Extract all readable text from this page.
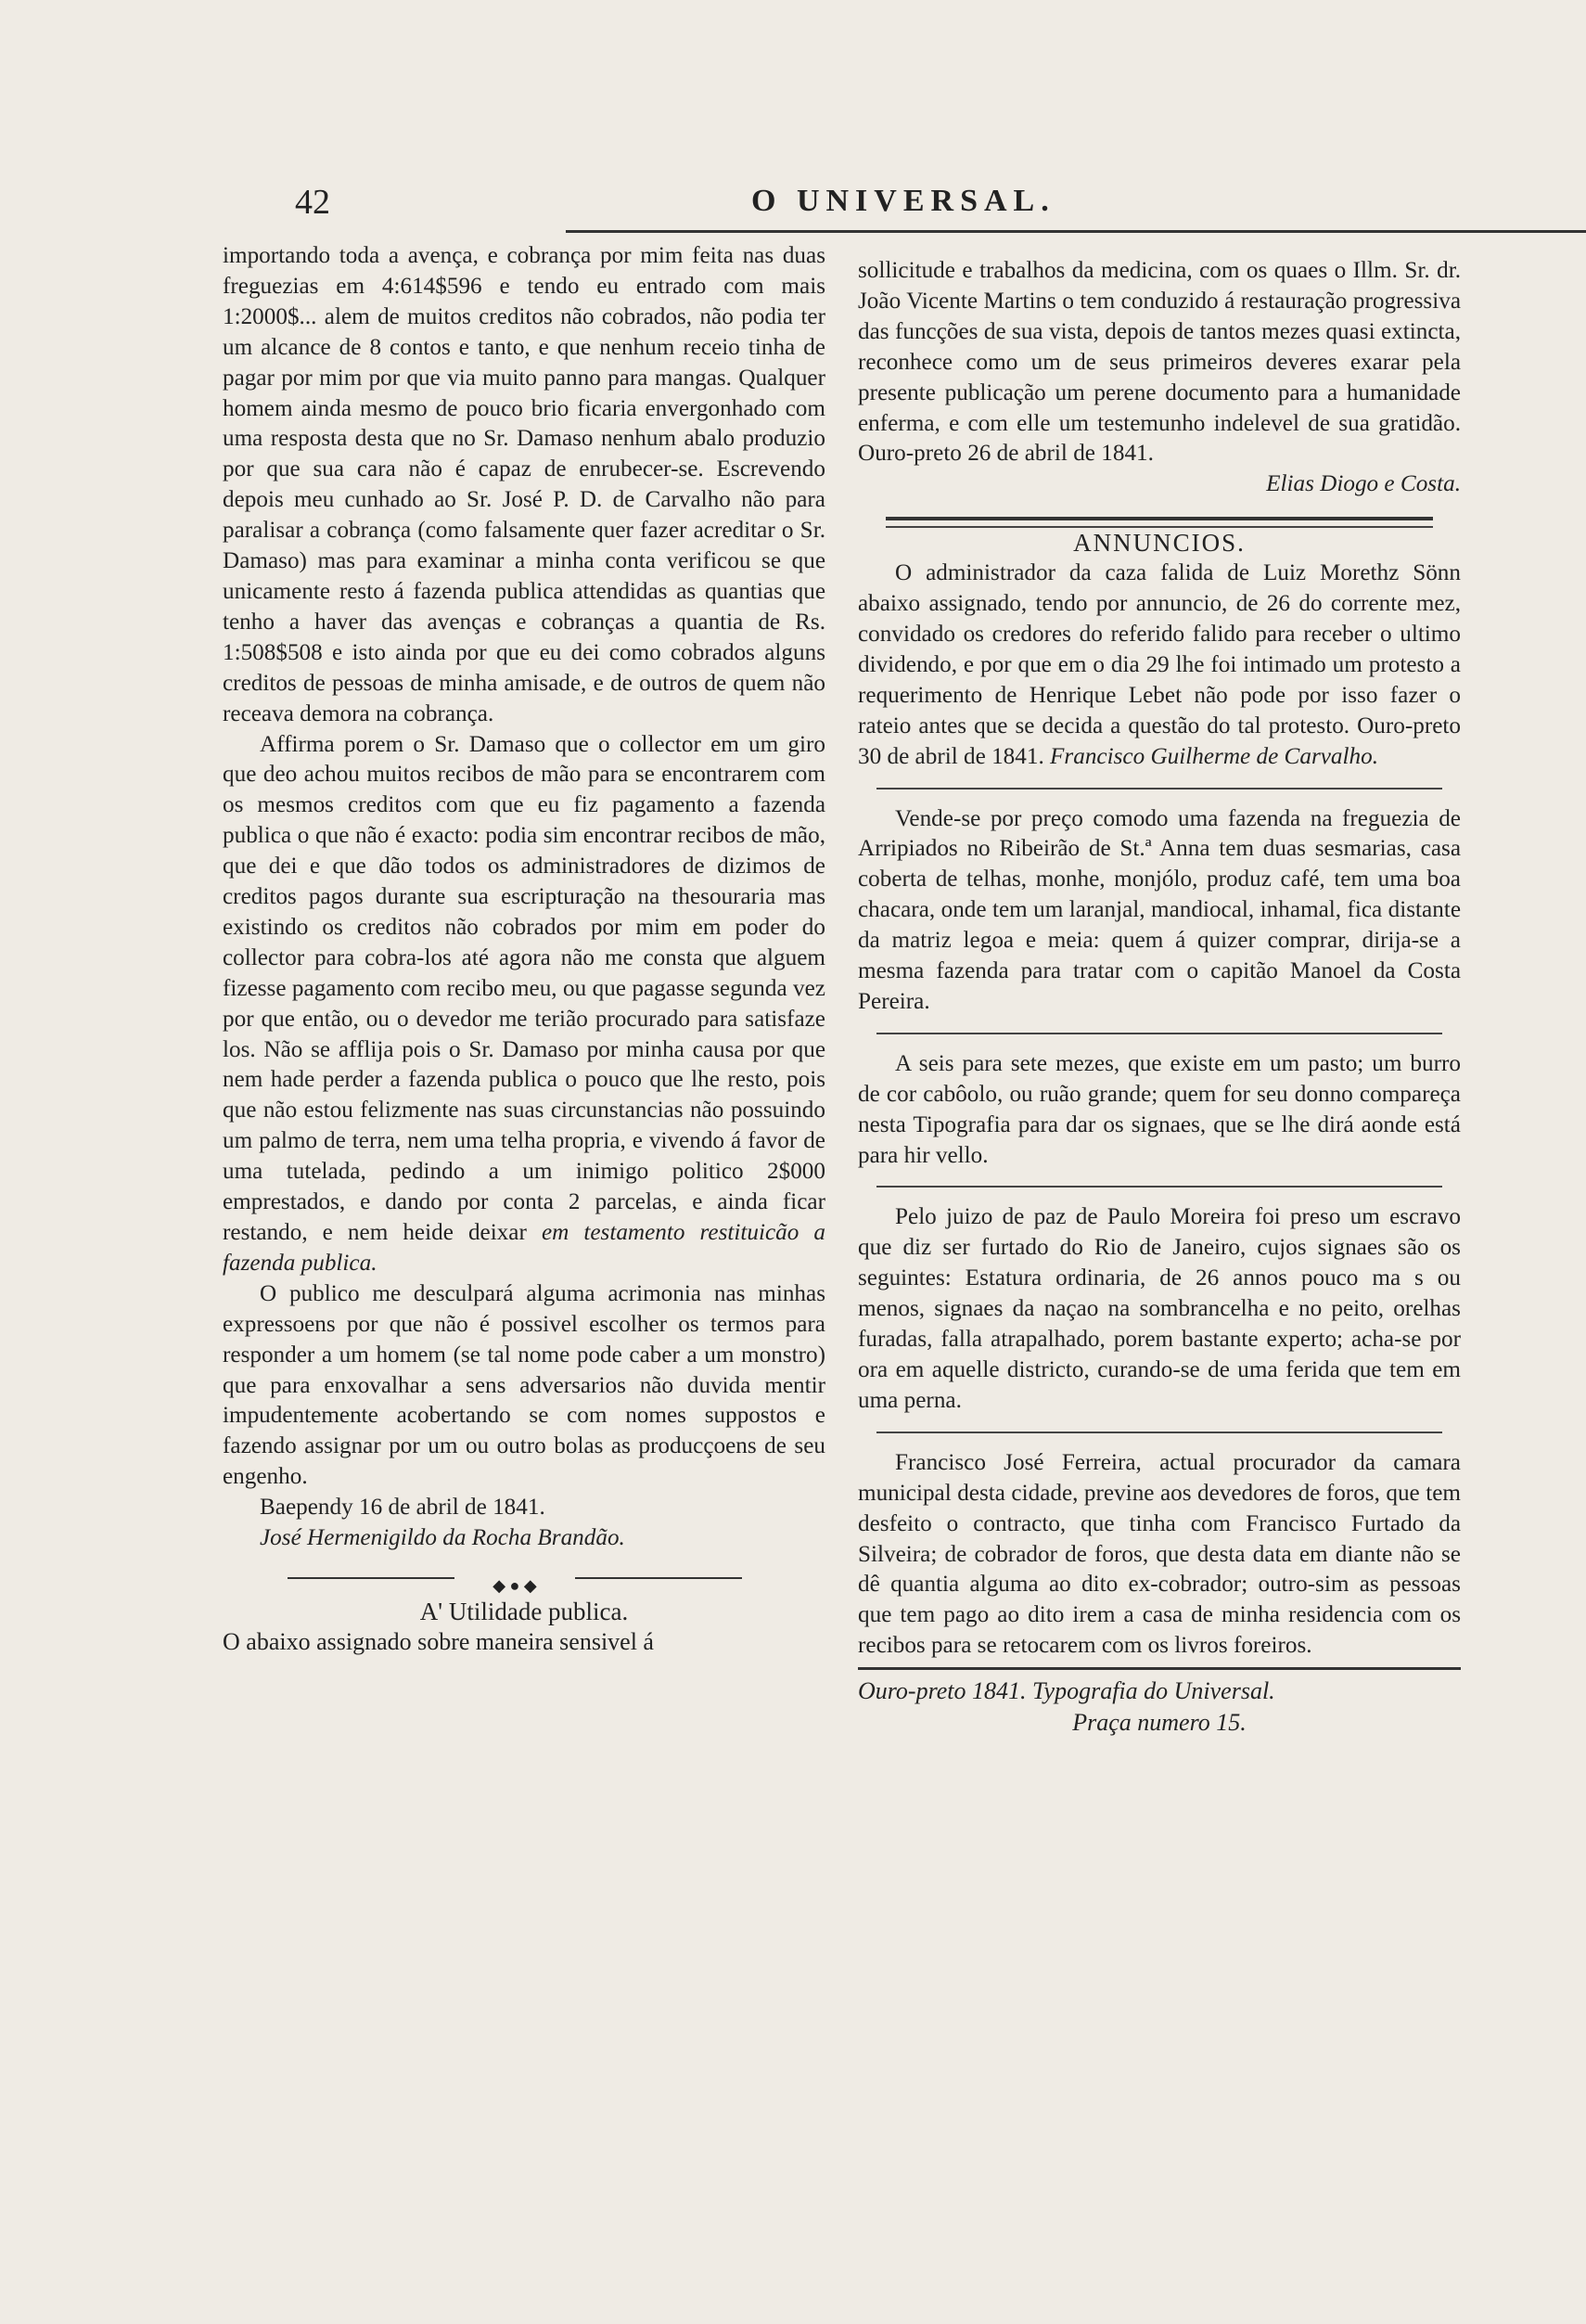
42	O UNIVERSAL.

importando toda a avença, e cobrança por mim feita nas duas freguezias em 4:614$596 e tendo eu entrado com mais 1:2000$... alem de muitos creditos não cobrados, não podia ter um alcance de 8 contos e tanto, e que nenhum receio tinha de pagar por mim por que via muito panno para mangas. Qualquer homem ainda mesmo de pouco brio ficaria envergonhado com uma resposta desta que no Sr. Damaso nenhum abalo produzio por que sua cara não é capaz de enrubecer-se. Escrevendo depois meu cunhado ao Sr. José P. D. de Carvalho não para paralisar a cobrança (como falsamente quer fazer acreditar o Sr. Damaso) mas para examinar a minha conta verificou se que unicamente resto á fazenda publica attendidas as quantias que tenho a haver das avenças e cobranças a quantia de Rs. 1:508$508 e isto ainda por que eu dei como cobrados alguns creditos de pessoas de minha amisade, e de outros de quem não receava demora na cobrança.

Affirma porem o Sr. Damaso que o collector em um giro que deo achou muitos recibos de mão para se encontrarem com os mesmos creditos com que eu fiz pagamento a fazenda publica o que não é exacto: podia sim encontrar recibos de mão, que dei e que dão todos os administradores de dizimos de creditos pagos durante sua escripturação na thesouraria mas existindo os creditos não cobrados por mim em poder do collector para cobra-los até agora não me consta que alguem fizesse pagamento com recibo meu, ou que pagasse segunda vez por que então, ou o devedor me terião procurado para satisfaze los. Não se afflija pois o Sr. Damaso por minha causa por que nem hade perder a fazenda publica o pouco que lhe resto, pois que não estou felizmente nas suas circunstancias não possuindo um palmo de terra, nem uma telha propria, e vivendo á favor de uma tutelada, pedindo a um inimigo politico 2$000 emprestados, e dando por conta 2 parcelas, e ainda ficar restando, e nem heide deixar em testamento restituicão a fazenda publica.

O publico me desculpará alguma acrimonia nas minhas expressoens por que não é possivel escolher os termos para responder a um homem (se tal nome pode caber a um monstro) que para enxovalhar a sens adversarios não duvida mentir impudentemente acobertando se com nomes suppostos e fazendo assignar por um ou outro bolas as producçoens de seu engenho.

Baependy 16 de abril de 1841.

José Hermenigildo da Rocha Brandão.

◆ ● ◆

A' Utilidade publica.

O abaixo assignado sobre maneira sensivel á

sollicitude e trabalhos da medicina, com os quaes o Illm. Sr. dr. João Vicente Martins o tem conduzido á restauração progressiva das funcções de sua vista, depois de tantos mezes quasi extincta, reconhece como um de seus primeiros deveres exarar pela presente publicação um perene documento para a humanidade enferma, e com elle um testemunho indelevel de sua gratidão. Ouro-preto 26 de abril de 1841.

Elias Diogo e Costa.

ANNUNCIOS.

O administrador da caza falida de Luiz Morethz Sönn abaixo assignado, tendo por annuncio, de 26 do corrente mez, convidado os credores do referido falido para receber o ultimo dividendo, e por que em o dia 29 lhe foi intimado um protesto a requerimento de Henrique Lebet não pode por isso fazer o rateio antes que se decida a questão do tal protesto. Ouro-preto 30 de abril de 1841. Francisco Guilherme de Carvalho.

Vende-se por preço comodo uma fazenda na freguezia de Arripiados no Ribeirão de St.ª Anna tem duas sesmarias, casa coberta de telhas, monhe, monjólo, produz café, tem uma boa chacara, onde tem um laranjal, mandiocal, inhamal, fica distante da matriz legoa e meia: quem á quizer comprar, dirija-se a mesma fazenda para tratar com o capitão Manoel da Costa Pereira.

A seis para sete mezes, que existe em um pasto; um burro de cor cabôolo, ou ruão grande; quem for seu donno compareça nesta Tipografia para dar os signaes, que se lhe dirá aonde está para hir vello.

Pelo juizo de paz de Paulo Moreira foi preso um escravo que diz ser furtado do Rio de Janeiro, cujos signaes são os seguintes: Estatura ordinaria, de 26 annos pouco ma s ou menos, signaes da naçao na sombrancelha e no peito, orelhas furadas, falla atrapalhado, porem bastante experto; acha-se por ora em aquelle districto, curando-se de uma ferida que tem em uma perna.

Francisco José Ferreira, actual procurador da camara municipal desta cidade, previne aos devedores de foros, que tem desfeito o contracto, que tinha com Francisco Furtado da Silveira; de cobrador de foros, que desta data em diante não se dê quantia alguma ao dito ex-cobrador; outro-sim as pessoas que tem pago ao dito irem a casa de minha residencia com os recibos para se retocarem com os livros foreiros.

Ouro-preto 1841. Typografia do Universal.
Praça numero 15.
